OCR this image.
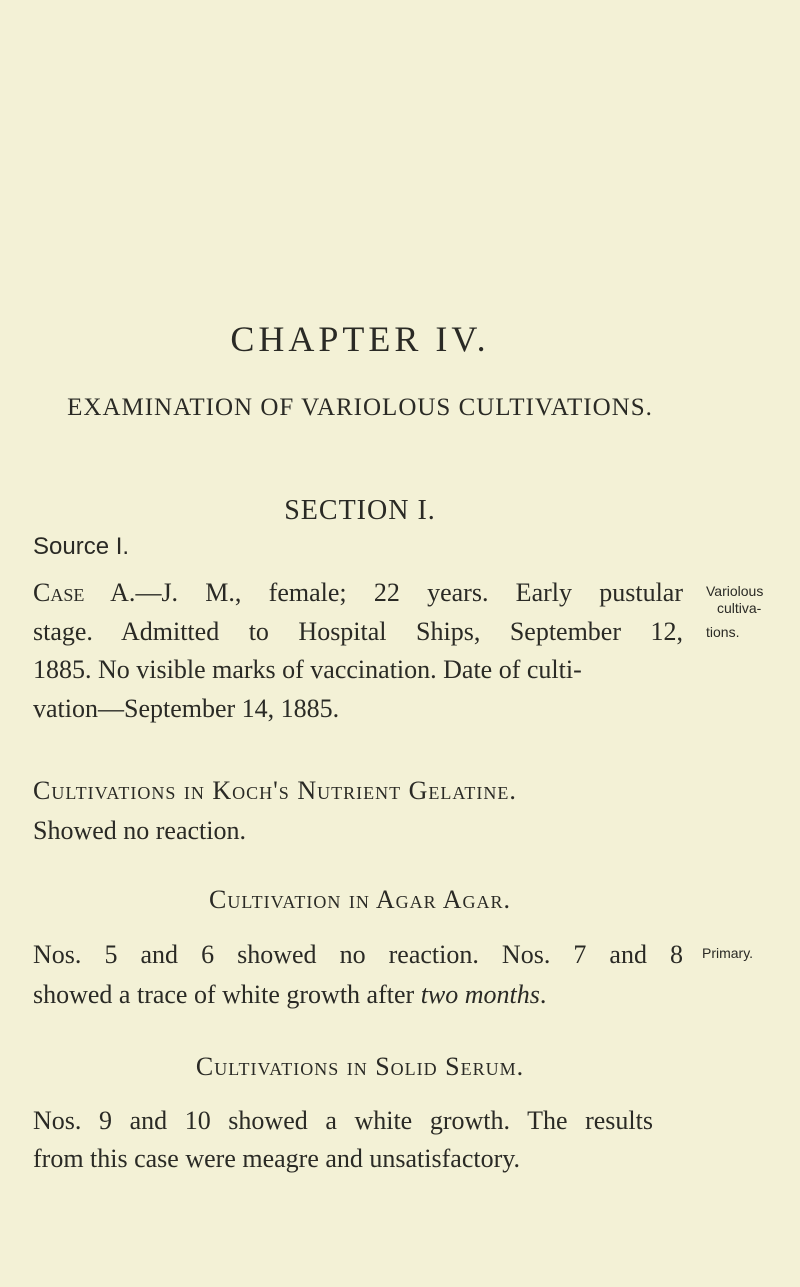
CHAPTER IV.
EXAMINATION OF VARIOLOUS CULTIVATIONS.
SECTION I.
Source I.
Case A.—J. M., female; 22 years. Early pustular
stage. Admitted to Hospital Ships, September 12,
1885. No visible marks of vaccination. Date of culti-
vation—September 14, 1885.
Variolous
cultiva-
tions.
Primary.
Cultivations in Koch's Nutrient Gelatine.
Showed no reaction.
Cultivation in Agar Agar.
Nos. 5 and 6 showed no reaction. Nos. 7 and 8
showed a trace of white growth after two months.
Cultivations in Solid Serum.
Nos. 9 and 10 showed a white growth. The results
from this case were meagre and unsatisfactory.
